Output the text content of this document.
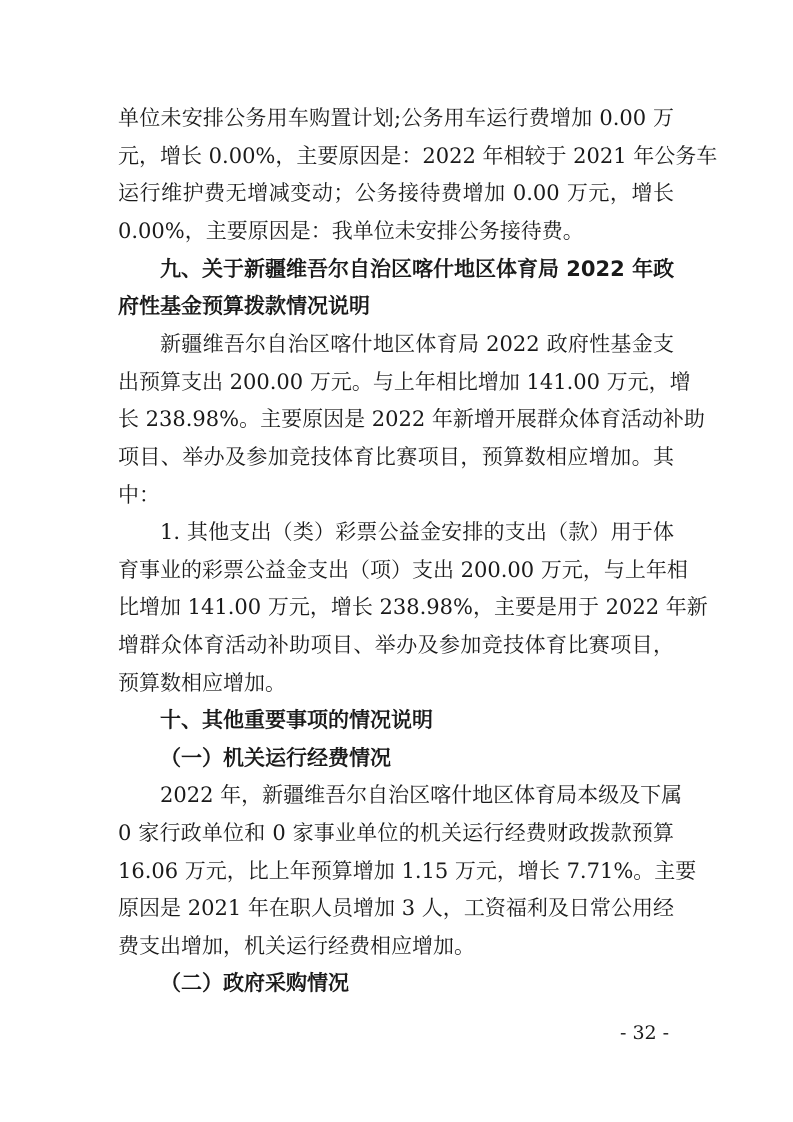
单位未安排公务用车购置计划;公务用车运行费增加 0.00 万
元，增长 0.00%，主要原因是：2022 年相较于 2021 年公务车
运行维护费无增减变动；公务接待费增加 0.00 万元，增长
0.00%，主要原因是：我单位未安排公务接待费。
九、关于新疆维吾尔自治区喀什地区体育局 2022 年政
府性基金预算拨款情况说明
新疆维吾尔自治区喀什地区体育局 2022 政府性基金支
出预算支出 200.00 万元。与上年相比增加 141.00 万元，增
长 238.98%。主要原因是 2022 年新增开展群众体育活动补助
项目、举办及参加竞技体育比赛项目，预算数相应增加。其
中：
1. 其他支出（类）彩票公益金安排的支出（款）用于体
育事业的彩票公益金支出（项）支出 200.00 万元，与上年相
比增加 141.00 万元，增长 238.98%，主要是用于 2022 年新
增群众体育活动补助项目、举办及参加竞技体育比赛项目，
预算数相应增加。
十、其他重要事项的情况说明
（一）机关运行经费情况
2022 年，新疆维吾尔自治区喀什地区体育局本级及下属
0 家行政单位和 0 家事业单位的机关运行经费财政拨款预算
16.06 万元，比上年预算增加 1.15 万元，增长 7.71%。主要
原因是 2021 年在职人员增加 3 人，工资福利及日常公用经
费支出增加，机关运行经费相应增加。
（二）政府采购情况
- 32 -
